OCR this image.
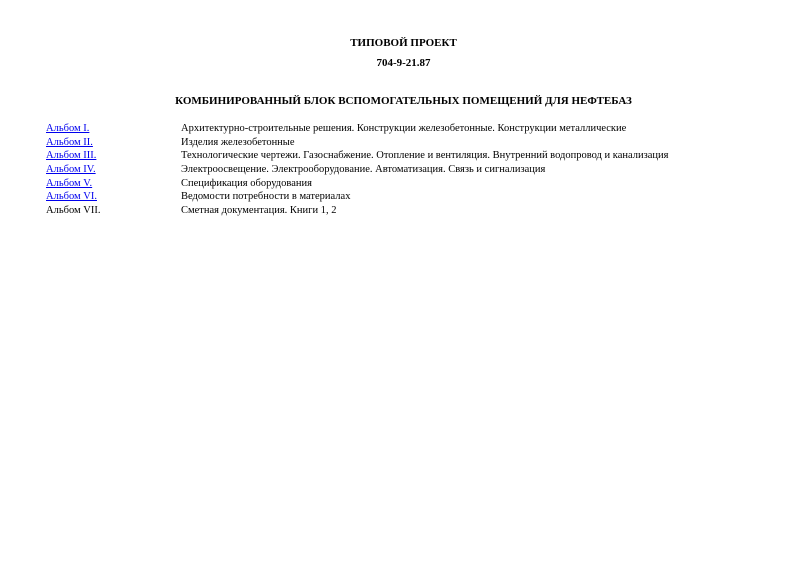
ТИПОВОЙ ПРОЕКТ
704-9-21.87
КОМБИНИРОВАННЫЙ БЛОК ВСПОМОГАТЕЛЬНЫХ ПОМЕЩЕНИЙ ДЛЯ НЕФТЕБАЗ
Альбом I.	Архитектурно-строительные решения. Конструкции железобетонные. Конструкции металлические
Альбом II.	Изделия железобетонные
Альбом III.	Технологические чертежи. Газоснабжение. Отопление и вентиляция. Внутренний водопровод и канализация
Альбом IV.	Электроосвещение. Электрооборудование. Автоматизация. Связь и сигнализация
Альбом V.	Спецификация оборудования
Альбом VI.	Ведомости потребности в материалах
Альбом VII.	Сметная документация. Книги 1, 2
